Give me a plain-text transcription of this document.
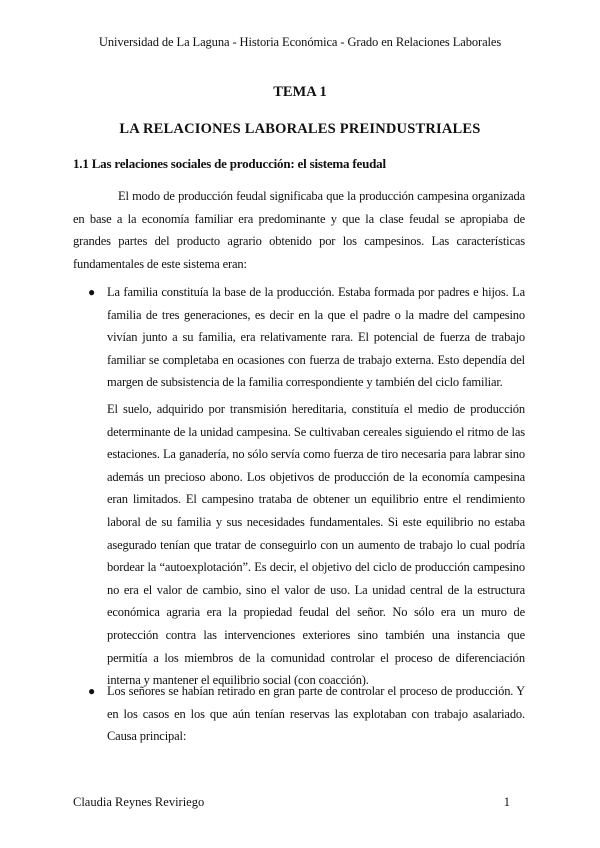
Universidad de La Laguna - Historia Económica - Grado en Relaciones Laborales
TEMA 1
LA RELACIONES LABORALES PREINDUSTRIALES
1.1 Las relaciones sociales de producción: el sistema feudal
El modo de producción feudal significaba que la producción campesina organizada en base a la economía familiar era predominante y que la clase feudal se apropiaba de grandes partes del producto agrario obtenido por los campesinos. Las características fundamentales de este sistema eran:
● La familia constituía la base de la producción. Estaba formada por padres e hijos. La familia de tres generaciones, es decir en la que el padre o la madre del campesino vivían junto a su familia, era relativamente rara. El potencial de fuerza de trabajo familiar se completaba en ocasiones con fuerza de trabajo externa. Esto dependía del margen de subsistencia de la familia correspondiente y también del ciclo familiar.
El suelo, adquirido por transmisión hereditaria, constituía el medio de producción determinante de la unidad campesina. Se cultivaban cereales siguiendo el ritmo de las estaciones. La ganadería, no sólo servía como fuerza de tiro necesaria para labrar sino además un precioso abono. Los objetivos de producción de la economía campesina eran limitados. El campesino trataba de obtener un equilibrio entre el rendimiento laboral de su familia y sus necesidades fundamentales. Si este equilibrio no estaba asegurado tenían que tratar de conseguirlo con un aumento de trabajo lo cual podría bordear la “autoexplotación”. Es decir, el objetivo del ciclo de producción campesino no era el valor de cambio, sino el valor de uso. La unidad central de la estructura económica agraria era la propiedad feudal del señor. No sólo era un muro de protección contra las intervenciones exteriores sino también una instancia que permitía a los miembros de la comunidad controlar el proceso de diferenciación interna y mantener el equilibrio social (con coacción).
● Los señores se habían retirado en gran parte de controlar el proceso de producción. Y en los casos en los que aún tenían reservas las explotaban con trabajo asalariado. Causa principal:
Claudia Reynes Reviriego	1
